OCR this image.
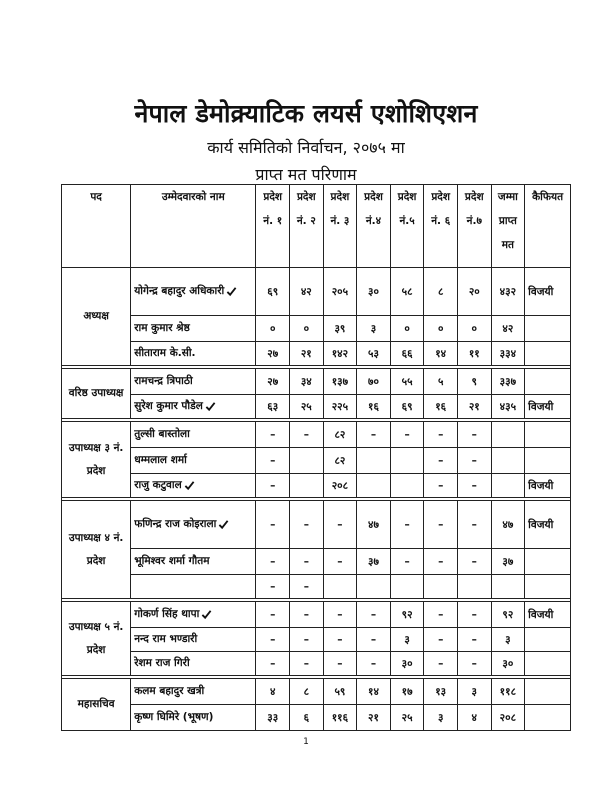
नेपाल डेमोक्र्याटिक लयर्स एशोशिएशन
कार्य समितिको निर्वाचन, २०७५ मा
प्राप्त मत परिणाम
पद	उम्मेदवारको नाम	प्रदेश नं. १	प्रदेश नं. २	प्रदेश नं. ३	प्रदेश नं.४	प्रदेश नं.५	प्रदेश नं. ६	प्रदेश नं.७	जम्मा प्राप्त मत	कैफियत
अध्यक्ष	योगेन्द्र बहादुर अधिकारी	६९	४२	२०५	३०	५८	८	२०	४३२	विजयी
	राम कुमार श्रेष्ठ	०	०	३९	३	०	०	०	४२	
	सीताराम के.सी.	२७	२१	१४२	५३	६६	१४	११	३३४	

वरिष्ठ उपाध्यक्ष	रामचन्द्र त्रिपाठी	२७	३४	१३७	७०	५५	५	९	३३७	
	सुरेश कुमार पौडेल	६३	२५	२२५	१६	६९	१६	२१	४३५	विजयी

उपाध्यक्ष ३ नं. प्रदेश	तुल्सी बास्तोला	–	–	८२	–	–	–	–		
	धम्मलाल शर्मा	–		८२			–	–		
	राजु कटुवाल	–		२०८			–	–		विजयी

उपाध्यक्ष ४ नं. प्रदेश	फणिन्द्र राज कोइराला	–	–	–	४७	–	–	–	४७	विजयी
	भूमिश्वर शर्मा गौतम	–	–	–	३७	–	–	–	३७	
		–	–							

उपाध्यक्ष ५ नं. प्रदेश	गोकर्ण सिंह थापा	–	–	–	–	९२	–	–	९२	विजयी
	नन्द राम भण्डारी	–	–	–	–	३	–	–	३	
	रेशम राज गिरी	–	–	–	–	३०	–	–	३०	

महासचिव	कलम बहादुर खत्री	४	८	५९	१४	१७	१३	३	११८	
	कृष्ण घिमिरे (भूषण)	३३	६	११६	२१	२५	३	४	२०८	
1
